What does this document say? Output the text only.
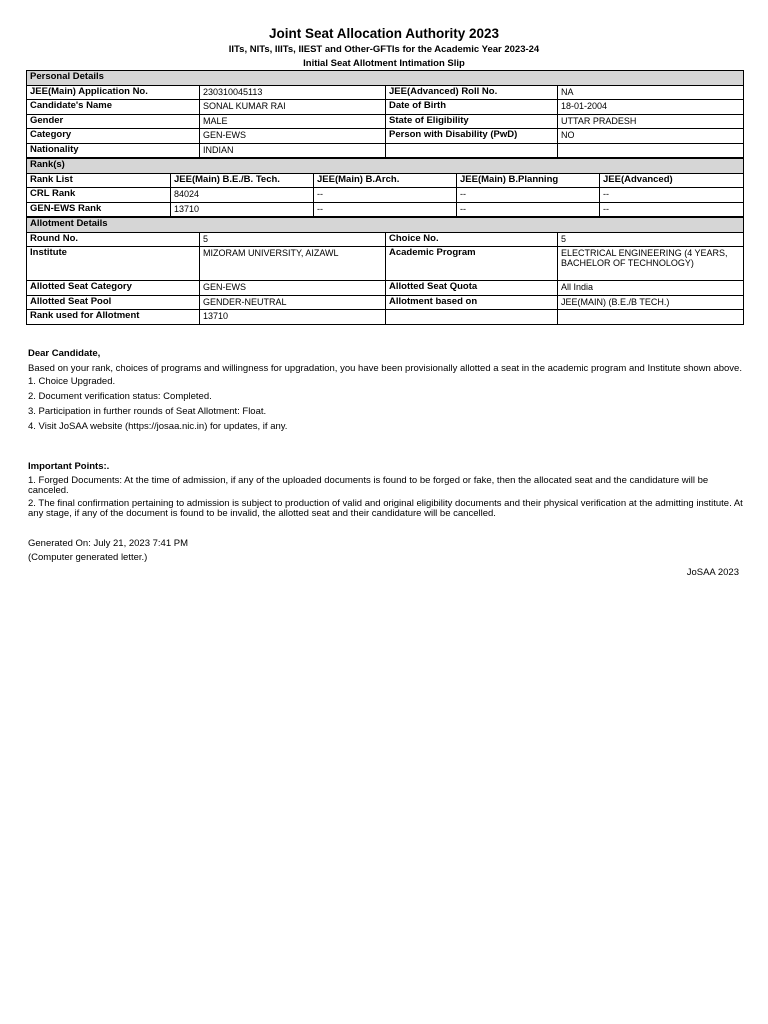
Joint Seat Allocation Authority 2023
IITs, NITs, IIITs, IIEST and Other-GFTIs for the Academic Year 2023-24
Initial Seat Allotment Intimation Slip
Personal Details			
JEE(Main) Application No.	230310045113	JEE(Advanced) Roll No.	NA
Candidate's Name	SONAL KUMAR RAI	Date of Birth	18-01-2004
Gender	MALE	State of Eligibility	UTTAR PRADESH
Category	GEN-EWS	Person with Disability (PwD)	NO
Nationality	INDIAN		
Rank(s)				
Rank List	JEE(Main) B.E./B. Tech.	JEE(Main) B.Arch.	JEE(Main) B.Planning	JEE(Advanced)
CRL Rank	84024	--	--	--
GEN-EWS Rank	13710	--	--	--
Allotment Details			
Round No.	5	Choice No.	5
Institute	MIZORAM UNIVERSITY, AIZAWL	Academic Program	ELECTRICAL ENGINEERING (4 YEARS, BACHELOR OF TECHNOLOGY)
Allotted Seat Category	GEN-EWS	Allotted Seat Quota	All India
Allotted Seat Pool	GENDER-NEUTRAL	Allotment based on	JEE(MAIN) (B.E./B TECH.)
Rank used for Allotment	13710		
Dear Candidate,

Based on your rank, choices of programs and willingness for upgradation, you have been provisionally allotted a seat in the academic program and Institute shown above.

1. Choice Upgraded.

2. Document verification status: Completed.

3. Participation in further rounds of Seat Allotment: Float.

4. Visit JoSAA website (https://josaa.nic.in) for updates, if any.

Important Points:.

1. Forged Documents: At the time of admission, if any of the uploaded documents is found to be forged or fake, then the allocated seat and the candidature will be canceled.

2. The final confirmation pertaining to admission is subject to production of valid and original eligibility documents and their physical verification at the admitting institute. At any stage, if any of the document is found to be invalid, the allotted seat and their candidature will be cancelled.

Generated On: July 21, 2023 7:41 PM
(Computer generated letter.)
JoSAA 2023
